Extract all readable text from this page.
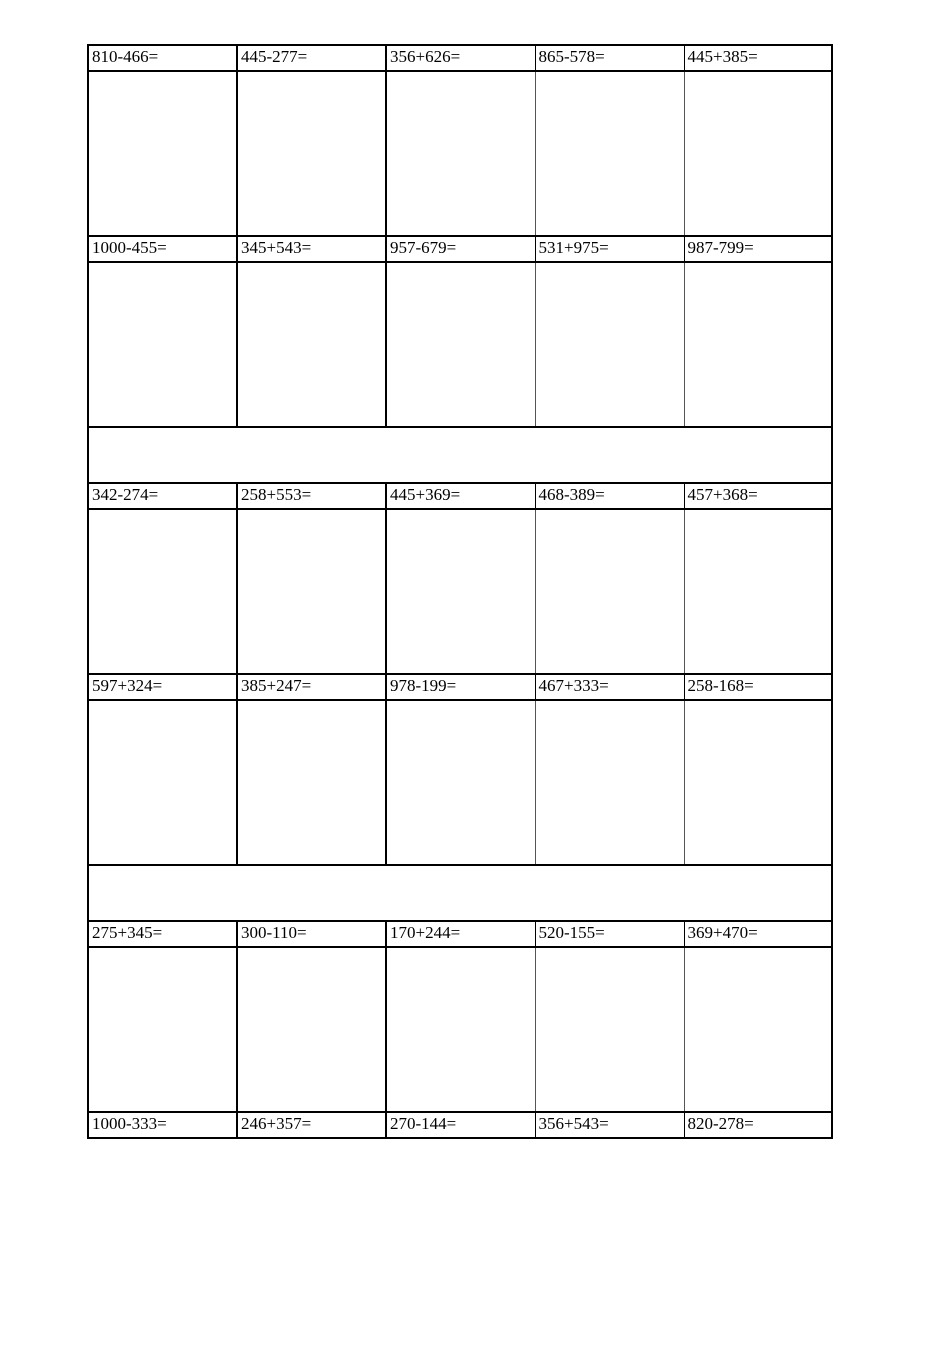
810-466=	445-277=	356+626=	865-578=	445+385=

1000-455=	345+543=	957-679=	531+975=	987-799=

342-274=	258+553=	445+369=	468-389=	457+368=

597+324=	385+247=	978-199=	467+333=	258-168=

275+345=	300-110=	170+244=	520-155=	369+470=

1000-333=	246+357=	270-144=	356+543=	820-278=
